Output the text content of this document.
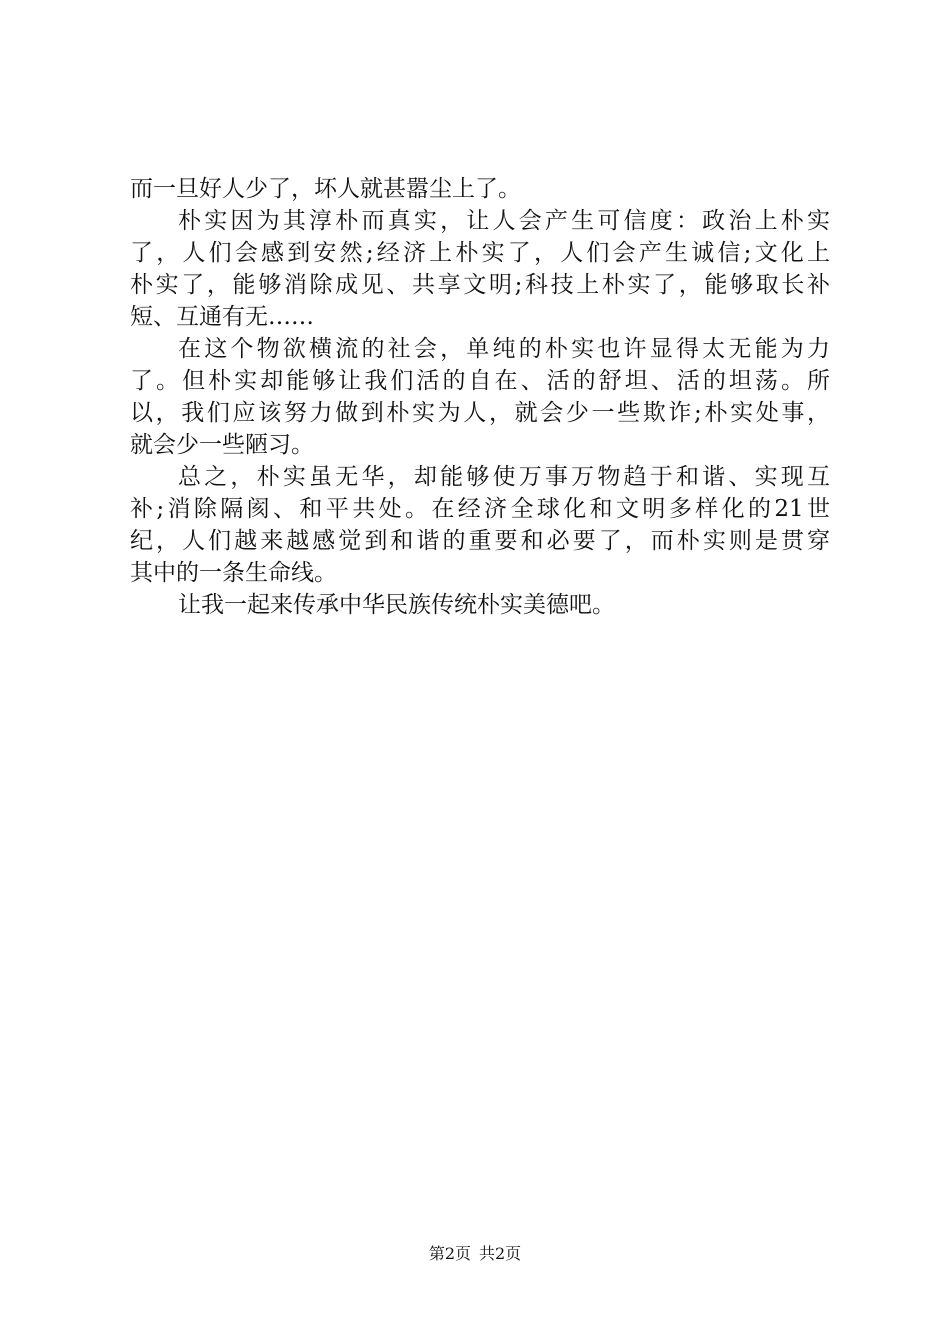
而一旦好人少了，坏人就甚嚣尘上了。
朴实因为其淳朴而真实，让人会产生可信度：政治上朴实
了，人们会感到安然;经济上朴实了，人们会产生诚信;文化上
朴实了，能够消除成见、共享文明;科技上朴实了，能够取长补
短、互通有无……
在这个物欲横流的社会，单纯的朴实也许显得太无能为力
了。但朴实却能够让我们活的自在、活的舒坦、活的坦荡。所
以，我们应该努力做到朴实为人，就会少一些欺诈;朴实处事，
就会少一些陋习。
总之，朴实虽无华，却能够使万事万物趋于和谐、实现互
补;消除隔阂、和平共处。在经济全球化和文明多样化的21世
纪，人们越来越感觉到和谐的重要和必要了，而朴实则是贯穿
其中的一条生命线。
让我一起来传承中华民族传统朴实美德吧。
第2页 共2页
